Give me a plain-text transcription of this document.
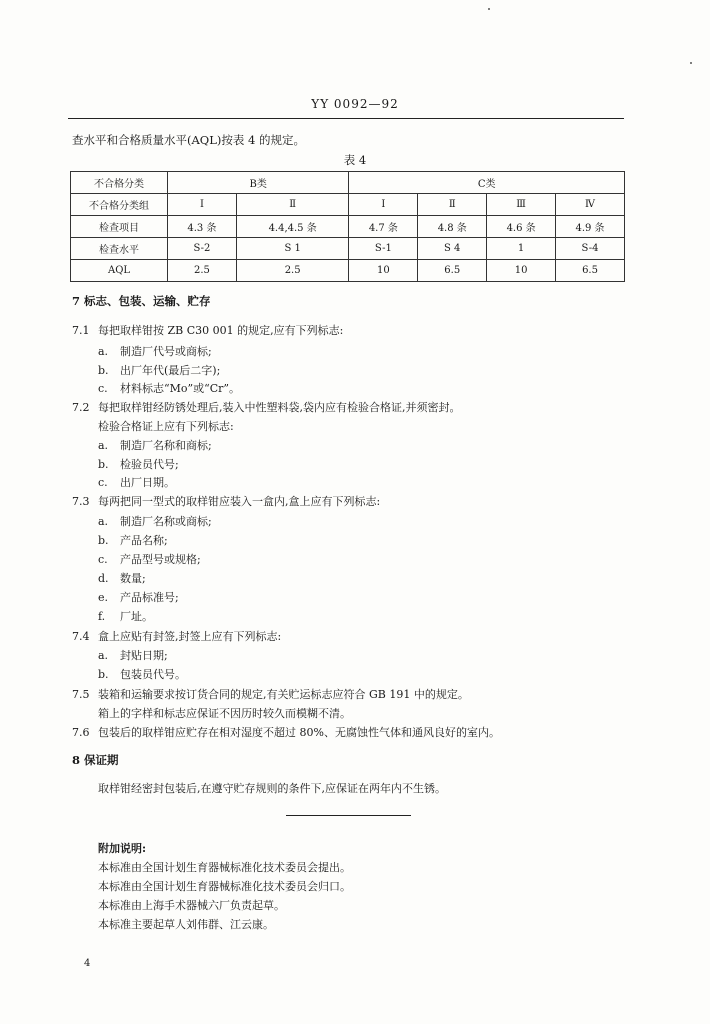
YY 0092—92
查水平和合格质量水平(AQL)按表 4 的规定。
表 4
不合格分类	B类		C类			
不合格分类组	I	Ⅱ	I	Ⅱ	Ⅲ	Ⅳ
检查项目	4.3 条	4.4,4.5 条	4.7 条	4.8 条	4.6 条	4.9 条
检查水平	S-2	S 1	S-1	S 4	1	S-4
AQL	2.5	2.5	10	6.5	10	6.5
7 标志、包装、运输、贮存
7.1 每把取样钳按 ZB C30 001 的规定,应有下列标志:
a. 制造厂代号或商标;
b. 出厂年代(最后二字);
c. 材料标志“Mo”或“Cr”。
7.2 每把取样钳经防锈处理后,装入中性塑料袋,袋内应有检验合格证,并须密封。
检验合格证上应有下列标志:
a. 制造厂名称和商标;
b. 检验员代号;
c. 出厂日期。
7.3 每两把同一型式的取样钳应装入一盒内,盒上应有下列标志:
a. 制造厂名称或商标;
b. 产品名称;
c. 产品型号或规格;
d. 数量;
e. 产品标准号;
f. 厂址。
7.4 盒上应贴有封签,封签上应有下列标志:
a. 封贴日期;
b. 包装员代号。
7.5 装箱和运输要求按订货合同的规定,有关贮运标志应符合 GB 191 中的规定。
箱上的字样和标志应保证不因历时较久而模糊不清。
7.6 包装后的取样钳应贮存在相对湿度不超过 80%、无腐蚀性气体和通风良好的室内。
8 保证期
取样钳经密封包装后,在遵守贮存规则的条件下,应保证在两年内不生锈。
附加说明:
本标准由全国计划生育器械标准化技术委员会提出。
本标准由全国计划生育器械标准化技术委员会归口。
本标准由上海手术器械六厂负责起草。
本标准主要起草人刘伟群、江云康。
4
